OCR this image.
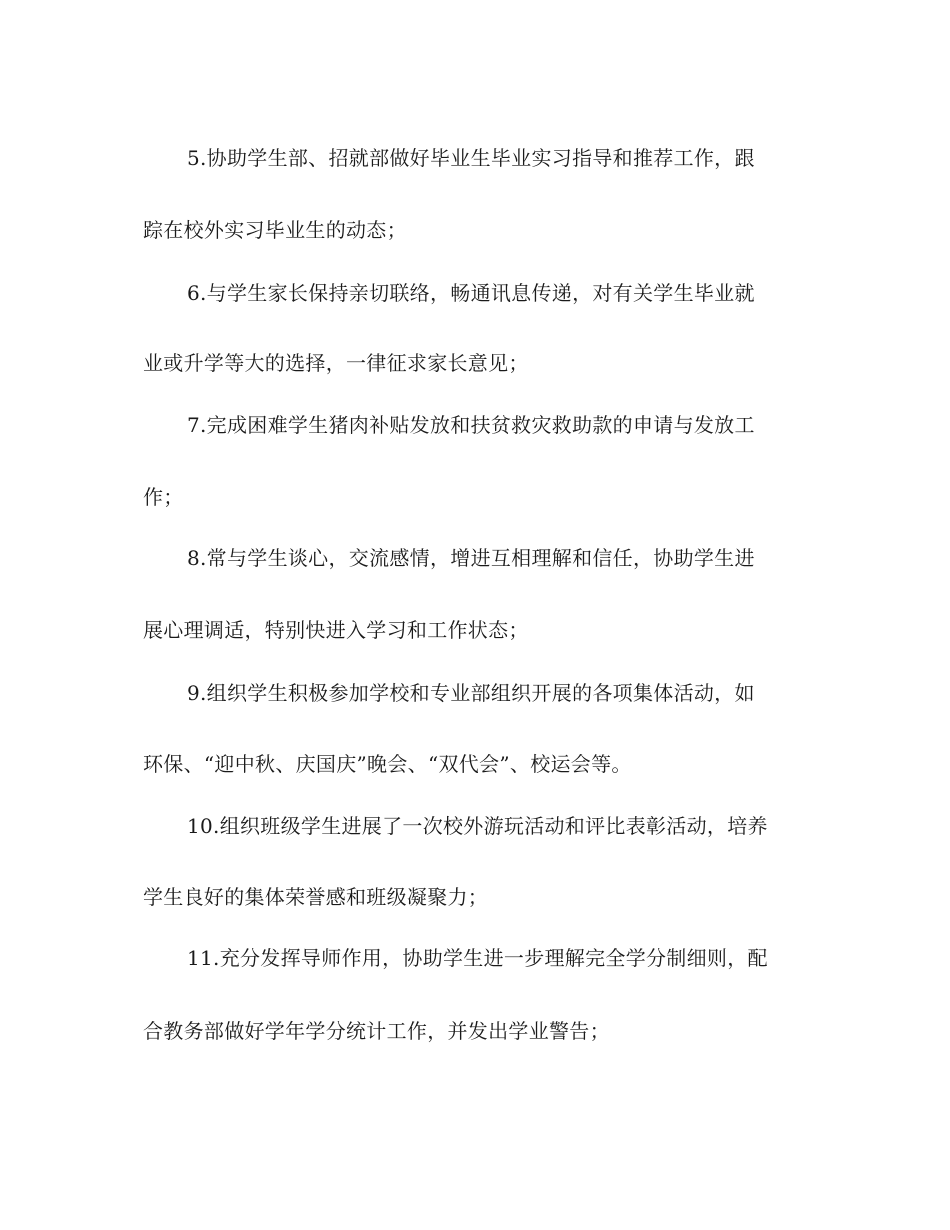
5.协助学生部、招就部做好毕业生毕业实习指导和推荐工作，跟
踪在校外实习毕业生的动态；
6.与学生家长保持亲切联络，畅通讯息传递，对有关学生毕业就
业或升学等大的选择，一律征求家长意见；
7.完成困难学生猪肉补贴发放和扶贫救灾救助款的申请与发放工
作；
8.常与学生谈心，交流感情，增进互相理解和信任，协助学生进
展心理调适，特别快进入学习和工作状态；
9.组织学生积极参加学校和专业部组织开展的各项集体活动，如
环保、“迎中秋、庆国庆”晚会、“双代会”、校运会等。
10.组织班级学生进展了一次校外游玩活动和评比表彰活动，培养
学生良好的集体荣誉感和班级凝聚力；
11.充分发挥导师作用，协助学生进一步理解完全学分制细则，配
合教务部做好学年学分统计工作，并发出学业警告；
